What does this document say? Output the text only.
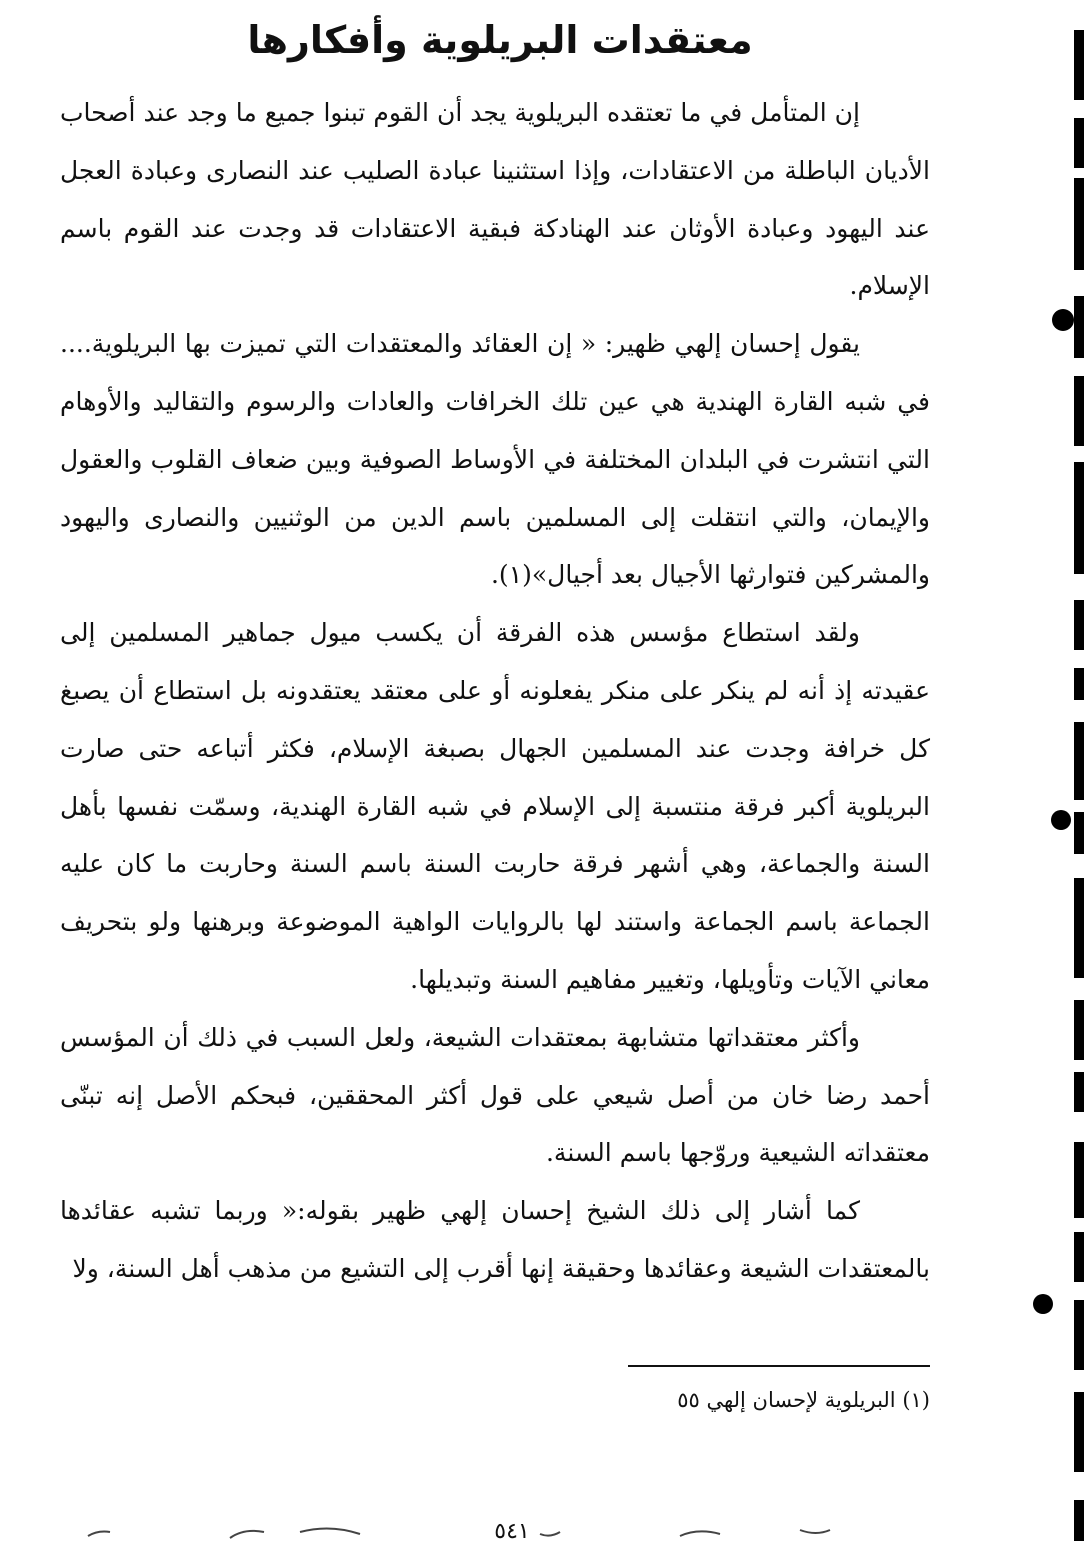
معتقدات البريلوية وأفكارها

إن المتأمل في ما تعتقده البريلوية يجد أن القوم تبنوا جميع ما وجد عند أصحاب الأديان الباطلة من الاعتقادات، وإذا استثنينا عبادة الصليب عند النصارى وعبادة العجل عند اليهود وعبادة الأوثان عند الهنادكة فبقية الاعتقادات قد وجدت عند القوم باسم الإسلام.

يقول إحسان إلهي ظهير: « إن العقائد والمعتقدات التي تميزت بها البريلوية.... في شبه القارة الهندية هي عين تلك الخرافات والعادات والرسوم والتقاليد والأوهام التي انتشرت في البلدان المختلفة في الأوساط الصوفية وبين ضعاف القلوب والعقول والإيمان، والتي انتقلت إلى المسلمين باسم الدين من الوثنيين والنصارى واليهود والمشركين فتوارثها الأجيال بعد أجيال»(١).

ولقد استطاع مؤسس هذه الفرقة أن يكسب ميول جماهير المسلمين إلى عقيدته إذ أنه لم ينكر على منكر يفعلونه أو على معتقد يعتقدونه بل استطاع أن يصبغ كل خرافة وجدت عند المسلمين الجهال بصبغة الإسلام، فكثر أتباعه حتى صارت البريلوية أكبر فرقة منتسبة إلى الإسلام في شبه القارة الهندية، وسمّت نفسها بأهل السنة والجماعة، وهي أشهر فرقة حاربت السنة باسم السنة وحاربت ما كان عليه الجماعة باسم الجماعة واستند لها بالروايات الواهية الموضوعة وبرهنها ولو بتحريف معاني الآيات وتأويلها، وتغيير مفاهيم السنة وتبديلها.

وأكثر معتقداتها متشابهة بمعتقدات الشيعة، ولعل السبب في ذلك أن المؤسس أحمد رضا خان من أصل شيعي على قول أكثر المحققين، فبحكم الأصل إنه تبنّى معتقداته الشيعية وروّجها باسم السنة.

كما أشار إلى ذلك الشيخ إحسان إلهي ظهير بقوله:« وربما تشبه عقائدها بالمعتقدات الشيعة وعقائدها وحقيقة إنها أقرب إلى التشيع من مذهب أهل السنة، ولا

(١) البريلوية لإحسان إلهي ٥٥
٥٤١
